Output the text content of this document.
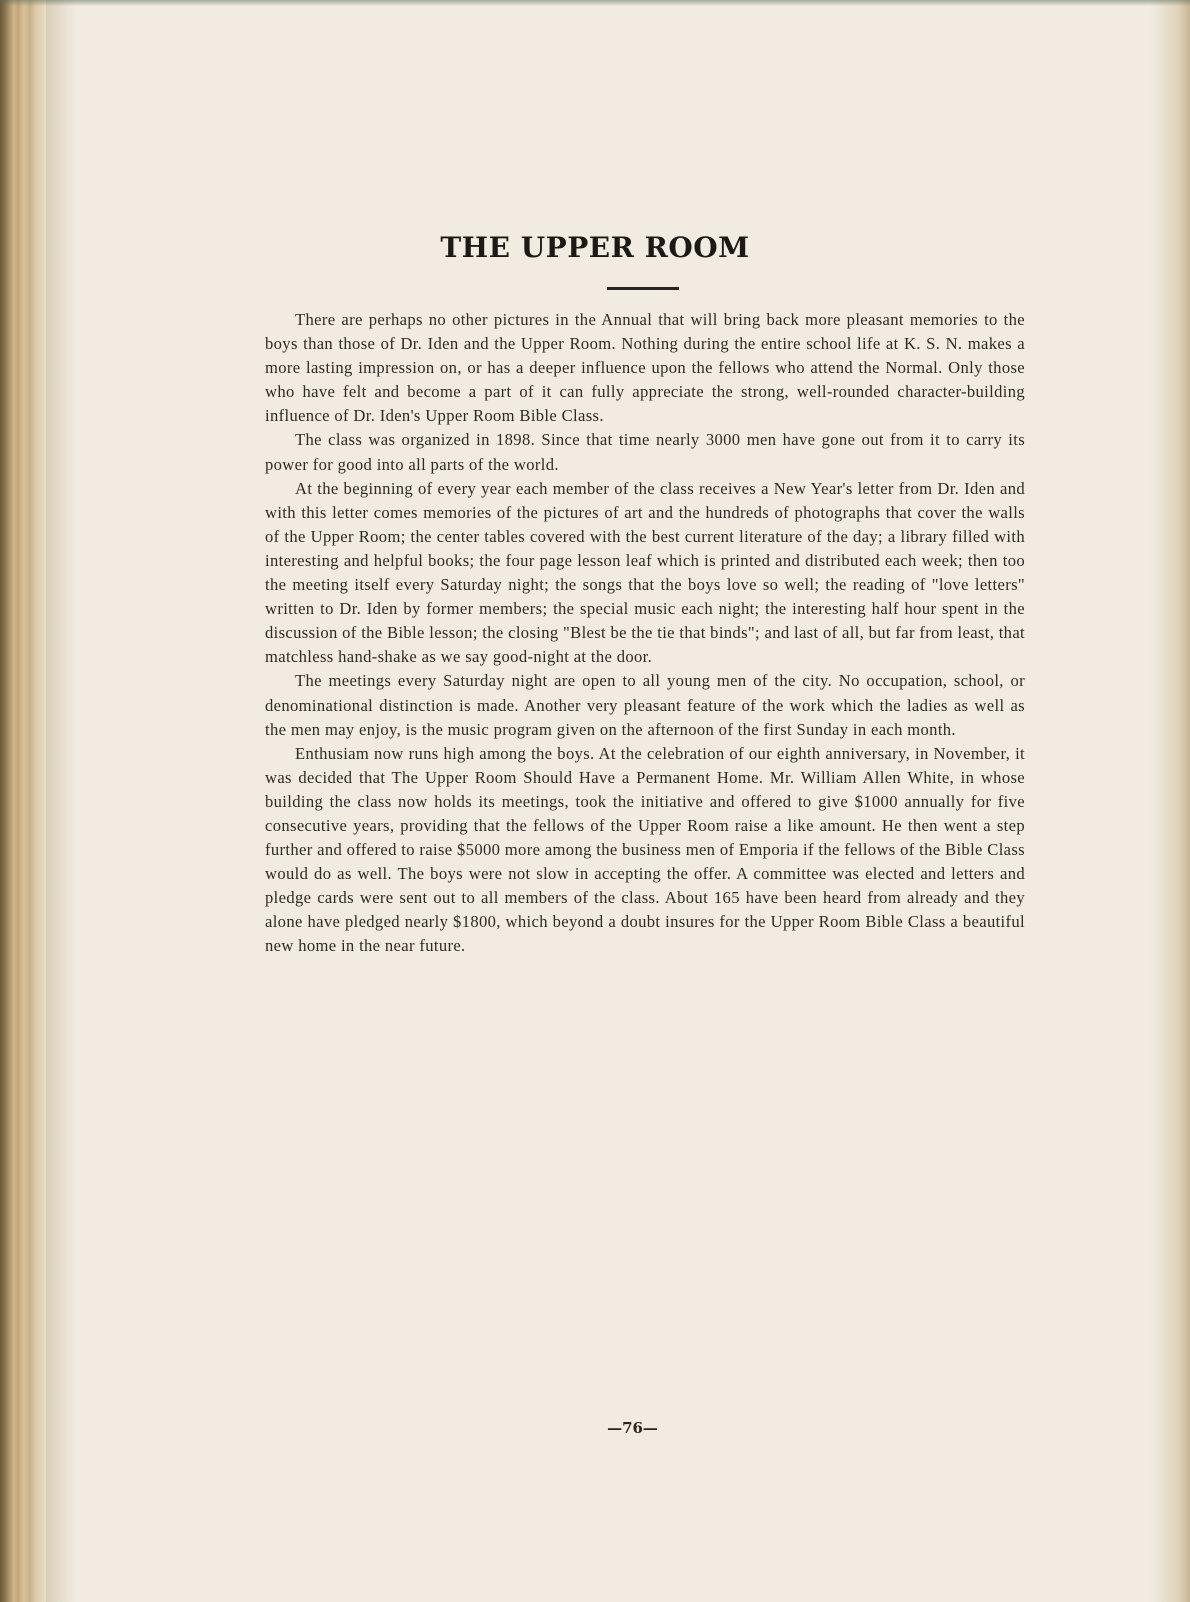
THE UPPER ROOM

There are perhaps no other pictures in the Annual that will bring back more pleasant memories to the boys than those of Dr. Iden and the Upper Room. Nothing during the entire school life at K. S. N. makes a more lasting impression on, or has a deeper influence upon the fellows who attend the Normal. Only those who have felt and become a part of it can fully appreciate the strong, well-rounded character-building influence of Dr. Iden's Upper Room Bible Class.

The class was organized in 1898. Since that time nearly 3000 men have gone out from it to carry its power for good into all parts of the world.

At the beginning of every year each member of the class receives a New Year's letter from Dr. Iden and with this letter comes memories of the pictures of art and the hundreds of photographs that cover the walls of the Upper Room; the center tables covered with the best current literature of the day; a library filled with interesting and helpful books; the four page lesson leaf which is printed and distributed each week; then too the meeting itself every Saturday night; the songs that the boys love so well; the reading of "love letters" written to Dr. Iden by former members; the special music each night; the interesting half hour spent in the discussion of the Bible lesson; the closing "Blest be the tie that binds"; and last of all, but far from least, that matchless hand-shake as we say good-night at the door.

The meetings every Saturday night are open to all young men of the city. No occupation, school, or denominational distinction is made. Another very pleasant feature of the work which the ladies as well as the men may enjoy, is the music program given on the afternoon of the first Sunday in each month.

Enthusiam now runs high among the boys. At the celebration of our eighth anniversary, in November, it was decided that The Upper Room Should Have a Permanent Home. Mr. William Allen White, in whose building the class now holds its meetings, took the initiative and offered to give $1000 annually for five consecutive years, providing that the fellows of the Upper Room raise a like amount. He then went a step further and offered to raise $5000 more among the business men of Emporia if the fellows of the Bible Class would do as well. The boys were not slow in accepting the offer. A committee was elected and letters and pledge cards were sent out to all members of the class. About 165 have been heard from already and they alone have pledged nearly $1800, which beyond a doubt insures for the Upper Room Bible Class a beautiful new home in the near future.

—76—
